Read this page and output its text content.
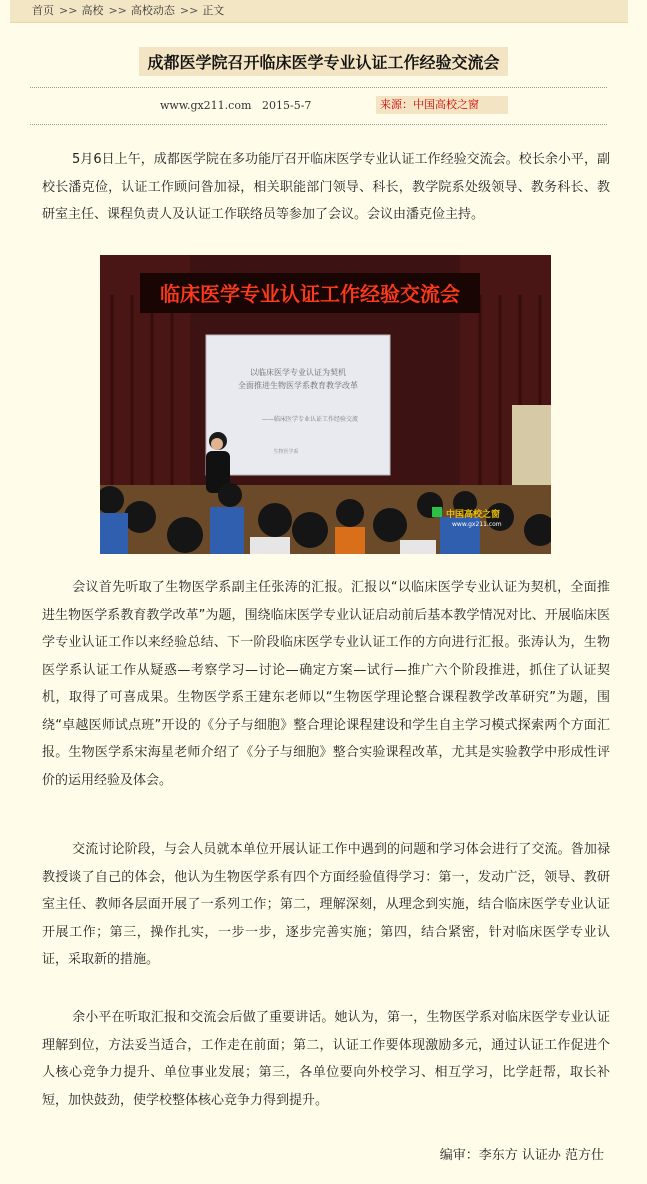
首页 >> 高校 >> 高校动态 >> 正文
成都医学院召开临床医学专业认证工作经验交流会
www.gx211.com 2015-5-7	来源：中国高校之窗

5月6日上午，成都医学院在多功能厅召开临床医学专业认证工作经验交流会。校长余小平，副校长潘克俭，认证工作顾问昝加禄，相关职能部门领导、科长，教学院系处级领导、教务科长、教研室主任、课程负责人及认证工作联络员等参加了会议。会议由潘克俭主持。

临床医学专业认证工作经验交流会
以临床医学专业认证为契机
全面推进生物医学系教育教学改革
——临床医学专业认证工作经验交流
生物医学系
中国高校之窗
www.gx211.com

会议首先听取了生物医学系副主任张涛的汇报。汇报以“以临床医学专业认证为契机，全面推进生物医学系教育教学改革”为题，围绕临床医学专业认证启动前后基本教学情况对比、开展临床医学专业认证工作以来经验总结、下一阶段临床医学专业认证工作的方向进行汇报。张涛认为，生物医学系认证工作从疑惑—考察学习—讨论—确定方案—试行—推广六个阶段推进，抓住了认证契机，取得了可喜成果。生物医学系王建东老师以“生物医学理论整合课程教学改革研究”为题，围绕“卓越医师试点班”开设的《分子与细胞》整合理论课程建设和学生自主学习模式探索两个方面汇报。生物医学系宋海星老师介绍了《分子与细胞》整合实验课程改革，尤其是实验教学中形成性评价的运用经验及体会。

交流讨论阶段，与会人员就本单位开展认证工作中遇到的问题和学习体会进行了交流。昝加禄教授谈了自己的体会，他认为生物医学系有四个方面经验值得学习：第一，发动广泛，领导、教研室主任、教师各层面开展了一系列工作；第二，理解深刻，从理念到实施，结合临床医学专业认证开展工作；第三，操作扎实，一步一步，逐步完善实施；第四，结合紧密，针对临床医学专业认证，采取新的措施。

余小平在听取汇报和交流会后做了重要讲话。她认为，第一，生物医学系对临床医学专业认证理解到位，方法妥当适合，工作走在前面；第二，认证工作要体现激励多元，通过认证工作促进个人核心竞争力提升、单位事业发展；第三，各单位要向外校学习、相互学习，比学赶帮，取长补短，加快鼓劲，使学校整体核心竞争力得到提升。

编审：李东方 认证办 范方仕
